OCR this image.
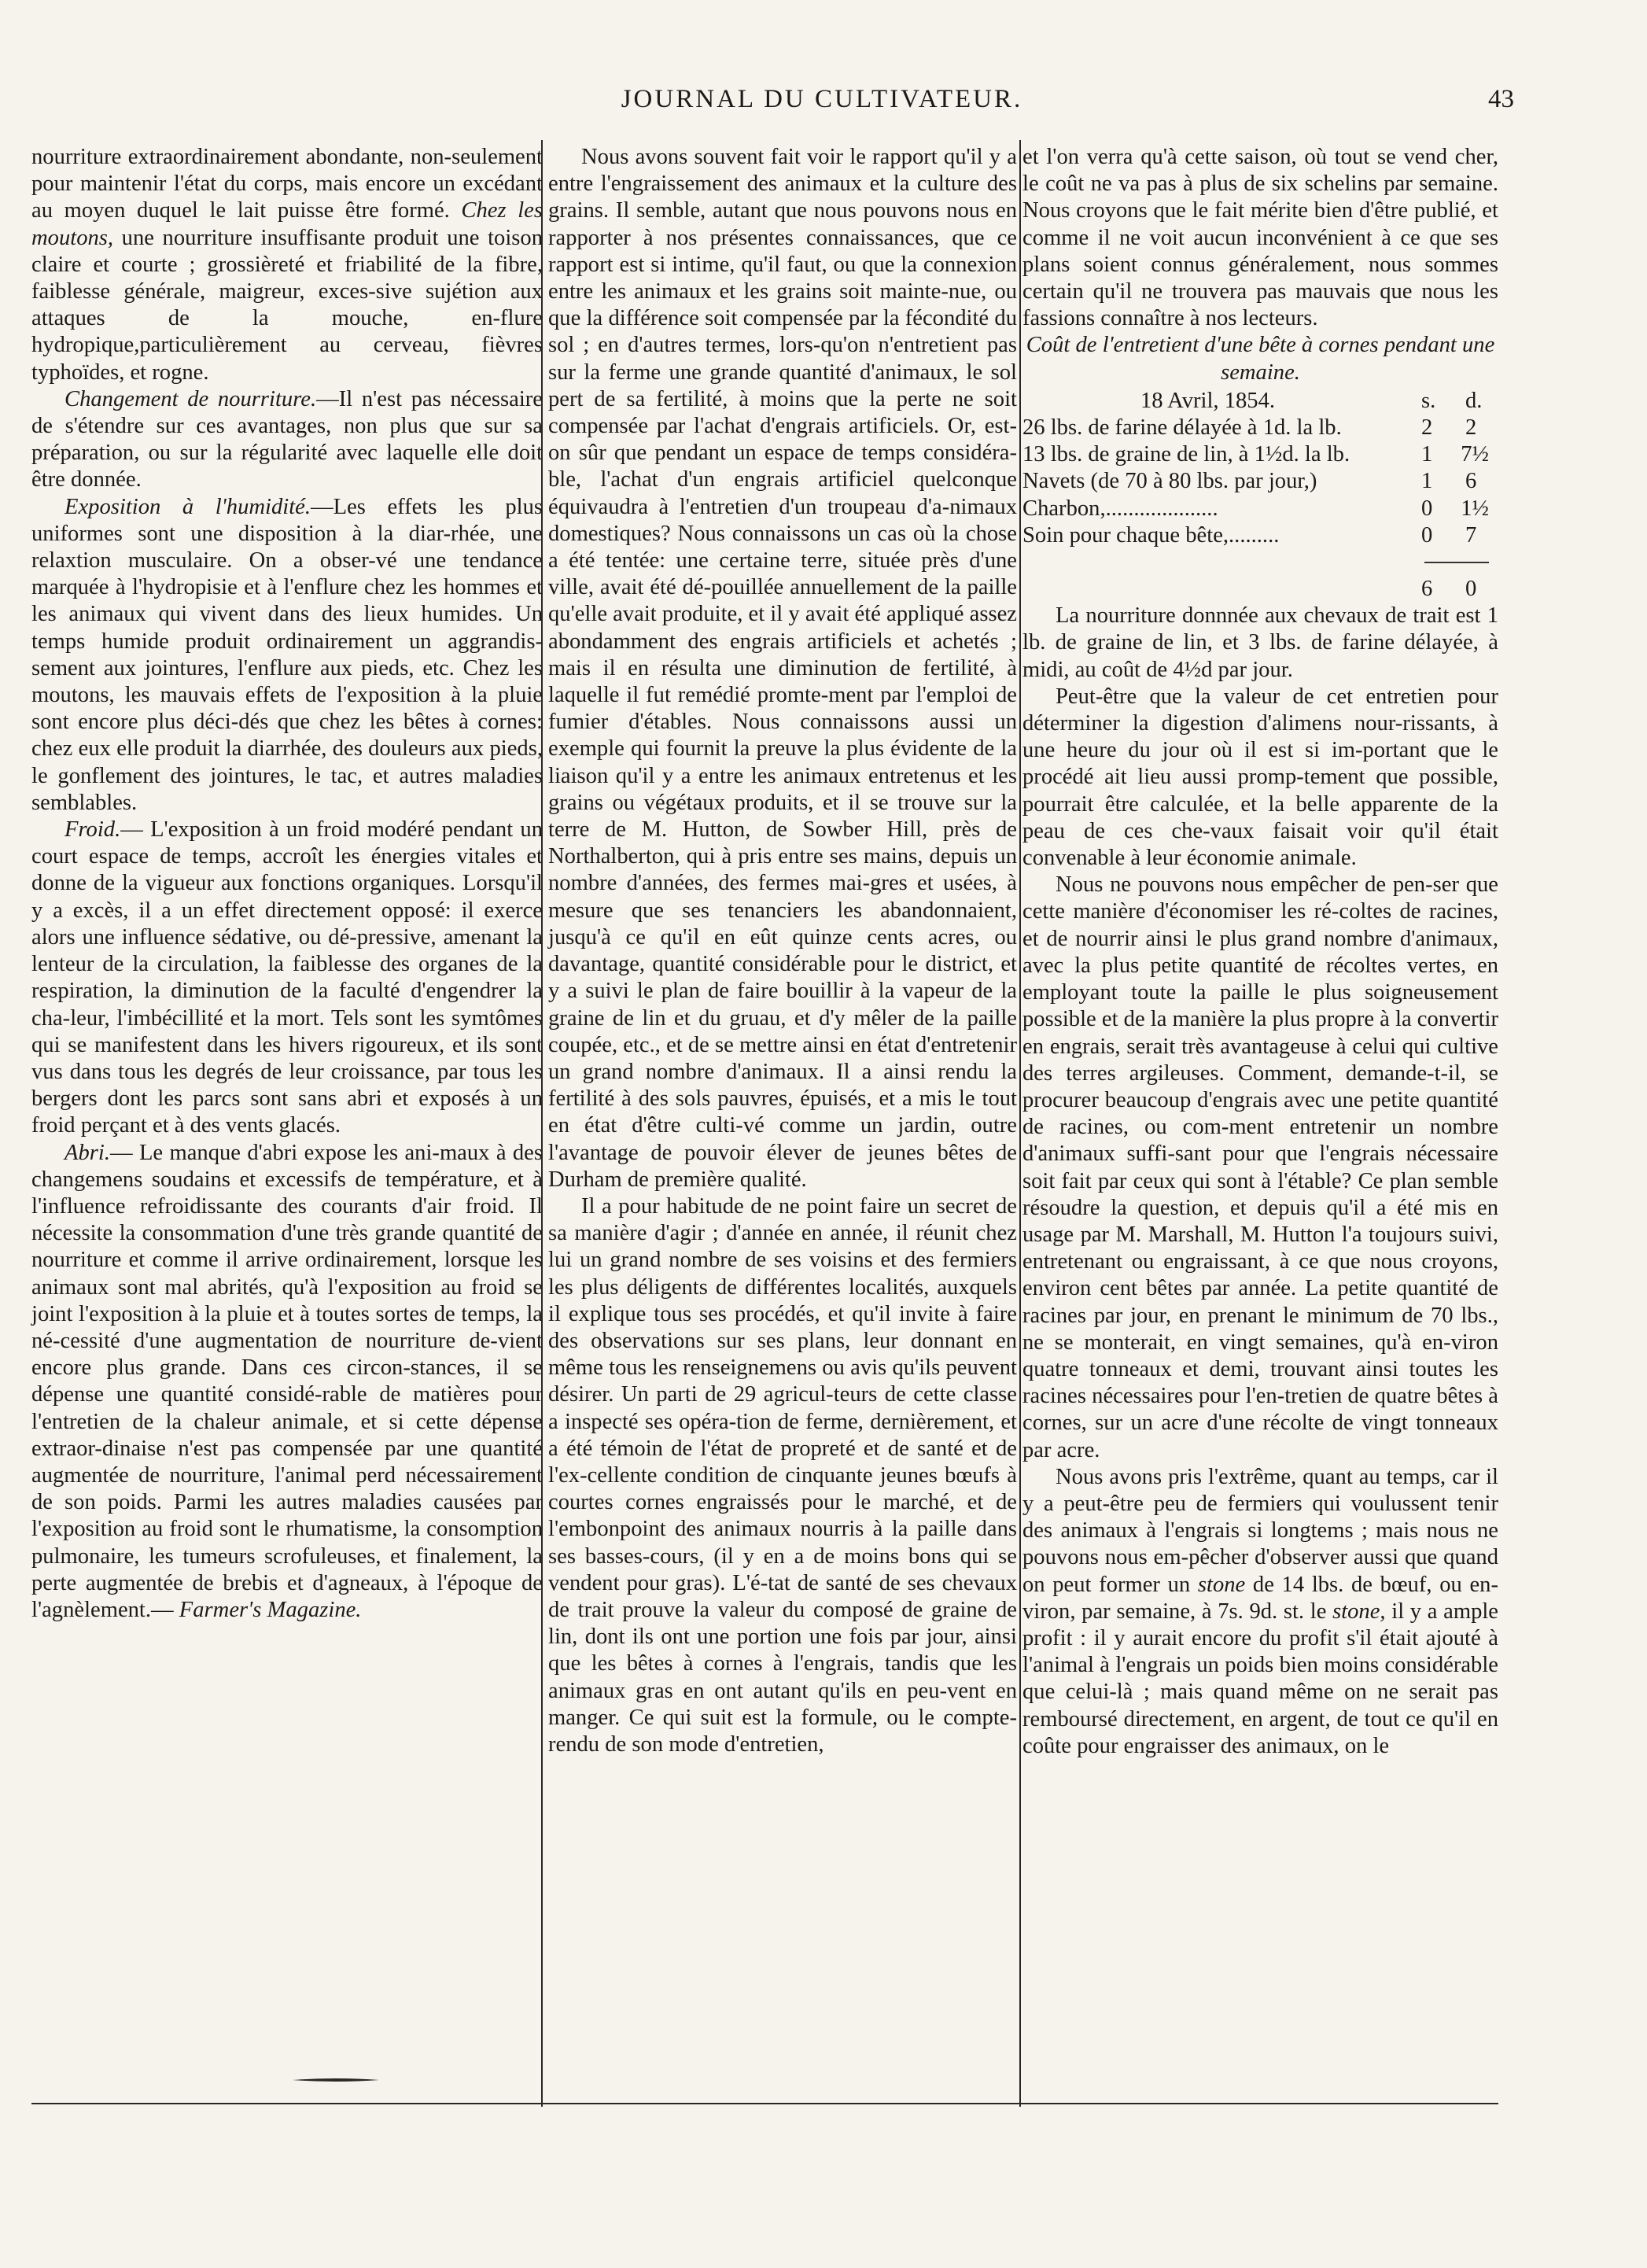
JOURNAL DU CULTIVATEUR.	43

nourriture extraordinairement abondante, non-seulement pour maintenir l'état du corps, mais encore un excédant au moyen duquel le lait puisse être formé. Chez les moutons, une nourriture insuffisante produit une toison claire et courte ; grossièreté et friabilité de la fibre, faiblesse générale, maigreur, exces-sive sujétion aux attaques de la mouche, en-flure hydropique,particulièrement au cerveau, fièvres typhoïdes, et rogne.

Changement de nourriture.—Il n'est pas nécessaire de s'étendre sur ces avantages, non plus que sur sa préparation, ou sur la régularité avec laquelle elle doit être donnée.

Exposition à l'humidité.—Les effets les plus uniformes sont une disposition à la diar-rhée, une relaxtion musculaire. On a obser-vé une tendance marquée à l'hydropisie et à l'enflure chez les hommes et les animaux qui vivent dans des lieux humides. Un temps humide produit ordinairement un aggrandis-sement aux jointures, l'enflure aux pieds, etc. Chez les moutons, les mauvais effets de l'exposition à la pluie sont encore plus déci-dés que chez les bêtes à cornes: chez eux elle produit la diarrhée, des douleurs aux pieds, le gonflement des jointures, le tac, et autres maladies semblables.

Froid.— L'exposition à un froid modéré pendant un court espace de temps, accroît les énergies vitales et donne de la vigueur aux fonctions organiques. Lorsqu'il y a excès, il a un effet directement opposé: il exerce alors une influence sédative, ou dé-pressive, amenant la lenteur de la circulation, la faiblesse des organes de la respiration, la diminution de la faculté d'engendrer la cha-leur, l'imbécillité et la mort. Tels sont les symtômes qui se manifestent dans les hivers rigoureux, et ils sont vus dans tous les degrés de leur croissance, par tous les bergers dont les parcs sont sans abri et exposés à un froid perçant et à des vents glacés.

Abri.— Le manque d'abri expose les ani-maux à des changemens soudains et excessifs de température, et à l'influence refroidissante des courants d'air froid. Il nécessite la consommation d'une très grande quantité de nourriture et comme il arrive ordinairement, lorsque les animaux sont mal abrités, qu'à l'exposition au froid se joint l'exposition à la pluie et à toutes sortes de temps, la né-cessité d'une augmentation de nourriture de-vient encore plus grande. Dans ces circon-stances, il se dépense une quantité considé-rable de matières pour l'entretien de la chaleur animale, et si cette dépense extraor-dinaise n'est pas compensée par une quantité augmentée de nourriture, l'animal perd nécessairement de son poids. Parmi les autres maladies causées par l'exposition au froid sont le rhumatisme, la consomption pulmonaire, les tumeurs scrofuleuses, et finalement, la perte augmentée de brebis et d'agneaux, à l'époque de l'agnèlement.— Farmer's Magazine.

Nous avons souvent fait voir le rapport qu'il y a entre l'engraissement des animaux et la culture des grains. Il semble, autant que nous pouvons nous en rapporter à nos présentes connaissances, que ce rapport est si intime, qu'il faut, ou que la connexion entre les animaux et les grains soit mainte-nue, ou que la différence soit compensée par la fécondité du sol ; en d'autres termes, lors-qu'on n'entretient pas sur la ferme une grande quantité d'animaux, le sol pert de sa fertilité, à moins que la perte ne soit compensée par l'achat d'engrais artificiels. Or, est-on sûr que pendant un espace de temps considéra-ble, l'achat d'un engrais artificiel quelconque équivaudra à l'entretien d'un troupeau d'a-nimaux domestiques? Nous connaissons un cas où la chose a été tentée: une certaine terre, située près d'une ville, avait été dé-pouillée annuellement de la paille qu'elle avait produite, et il y avait été appliqué assez abondamment des engrais artificiels et achetés ; mais il en résulta une diminution de fertilité, à laquelle il fut remédié promte-ment par l'emploi de fumier d'étables. Nous connaissons aussi un exemple qui fournit la preuve la plus évidente de la liaison qu'il y a entre les animaux entretenus et les grains ou végétaux produits, et il se trouve sur la terre de M. Hutton, de Sowber Hill, près de Northalberton, qui à pris entre ses mains, depuis un nombre d'années, des fermes mai-gres et usées, à mesure que ses tenanciers les abandonnaient, jusqu'à ce qu'il en eût quinze cents acres, ou davantage, quantité considérable pour le district, et y a suivi le plan de faire bouillir à la vapeur de la graine de lin et du gruau, et d'y mêler de la paille coupée, etc., et de se mettre ainsi en état d'entretenir un grand nombre d'animaux. Il a ainsi rendu la fertilité à des sols pauvres, épuisés, et a mis le tout en état d'être culti-vé comme un jardin, outre l'avantage de pouvoir élever de jeunes bêtes de Durham de première qualité.

Il a pour habitude de ne point faire un secret de sa manière d'agir ; d'année en année, il réunit chez lui un grand nombre de ses voisins et des fermiers les plus déligents de différentes localités, auxquels il explique tous ses procédés, et qu'il invite à faire des observations sur ses plans, leur donnant en même tous les renseignemens ou avis qu'ils peuvent désirer. Un parti de 29 agricul-teurs de cette classe a inspecté ses opéra-tion de ferme, dernièrement, et a été témoin de l'état de propreté et de santé et de l'ex-cellente condition de cinquante jeunes bœufs à courtes cornes engraissés pour le marché, et de l'embonpoint des animaux nourris à la paille dans ses basses-cours, (il y en a de moins bons qui se vendent pour gras). L'é-tat de santé de ses chevaux de trait prouve la valeur du composé de graine de lin, dont ils ont une portion une fois par jour, ainsi que les bêtes à cornes à l'engrais, tandis que les animaux gras en ont autant qu'ils en peu-vent en manger. Ce qui suit est la formule, ou le compte-rendu de son mode d'entretien,

et l'on verra qu'à cette saison, où tout se vend cher, le coût ne va pas à plus de six schelins par semaine. Nous croyons que le fait mérite bien d'être publié, et comme il ne voit aucun inconvénient à ce que ses plans soient connus généralement, nous sommes certain qu'il ne trouvera pas mauvais que nous les fassions connaître à nos lecteurs.

Coût de l'entretient d'une bête à cornes pendant une semaine.

18 Avril, 1854.	s.	d.
26 lbs. de farine délayée à 1d. la lb.	2	2
13 lbs. de graine de lin, à 1½d. la lb.	1	7½
Navets (de 70 à 80 lbs. par jour,)	1	6
Charbon,....................	0	1½
Soin pour chaque bête,.........	0	7
6	0

La nourriture donnnée aux chevaux de trait est 1 lb. de graine de lin, et 3 lbs. de farine délayée, à midi, au coût de 4½d par jour.

Peut-être que la valeur de cet entretien pour déterminer la digestion d'alimens nour-rissants, à une heure du jour où il est si im-portant que le procédé ait lieu aussi promp-tement que possible, pourrait être calculée, et la belle apparente de la peau de ces che-vaux faisait voir qu'il était convenable à leur économie animale.

Nous ne pouvons nous empêcher de pen-ser que cette manière d'économiser les ré-coltes de racines, et de nourrir ainsi le plus grand nombre d'animaux, avec la plus petite quantité de récoltes vertes, en employant toute la paille le plus soigneusement possible et de la manière la plus propre à la convertir en engrais, serait très avantageuse à celui qui cultive des terres argileuses. Comment, demande-t-il, se procurer beaucoup d'engrais avec une petite quantité de racines, ou com-ment entretenir un nombre d'animaux suffi-sant pour que l'engrais nécessaire soit fait par ceux qui sont à l'étable? Ce plan semble résoudre la question, et depuis qu'il a été mis en usage par M. Marshall, M. Hutton l'a toujours suivi, entretenant ou engraissant, à ce que nous croyons, environ cent bêtes par année. La petite quantité de racines par jour, en prenant le minimum de 70 lbs., ne se monterait, en vingt semaines, qu'à en-viron quatre tonneaux et demi, trouvant ainsi toutes les racines nécessaires pour l'en-tretien de quatre bêtes à cornes, sur un acre d'une récolte de vingt tonneaux par acre.

Nous avons pris l'extrême, quant au temps, car il y a peut-être peu de fermiers qui voulussent tenir des animaux à l'engrais si longtems ; mais nous ne pouvons nous em-pêcher d'observer aussi que quand on peut former un stone de 14 lbs. de bœuf, ou en-viron, par semaine, à 7s. 9d. st. le stone, il y a ample profit : il y aurait encore du profit s'il était ajouté à l'animal à l'engrais un poids bien moins considérable que celui-là ; mais quand même on ne serait pas remboursé directement, en argent, de tout ce qu'il en coûte pour engraisser des animaux, on le
